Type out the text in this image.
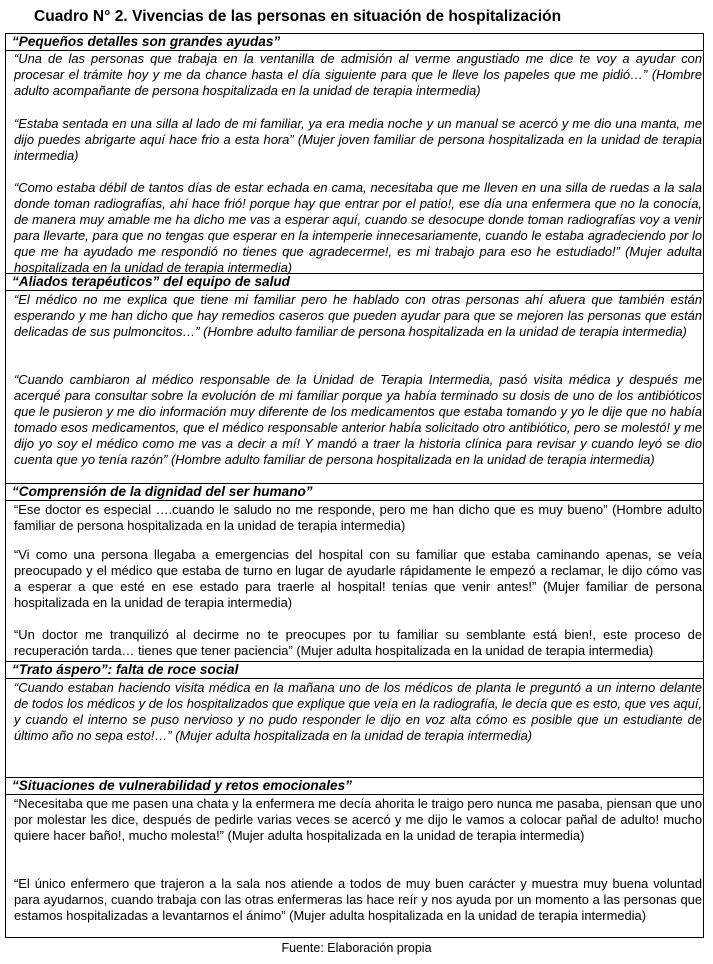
Cuadro N° 2. Vivencias de las personas en situación de hospitalización
“Pequeños detalles son grandes ayudas”
“Una de las personas que trabaja en la ventanilla de admisión al verme angustiado me dice te voy a ayudar con procesar el trámite hoy y me da chance hasta el día siguiente para que le lleve los papeles que me pidió…” (Hombre adulto acompañante de persona hospitalizada en la unidad de terapia intermedia)
“Estaba sentada en una silla al lado de mi familiar, ya era media noche y un manual se acercó y me dio una manta, me dijo puedes abrigarte aquí hace frio a esta hora” (Mujer joven familiar de persona hospitalizada en la unidad de terapia intermedia)
“Como estaba débil de tantos días de estar echada en cama, necesitaba que me lleven en una silla de ruedas a la sala donde toman radiografías, ahí hace frió! porque hay que entrar por el patio!, ese día una enfermera que no la conocía, de manera muy amable me ha dicho me vas a esperar aquí, cuando se desocupe donde toman radiografías voy a venir para llevarte, para que no tengas que esperar en la intemperie innecesariamente, cuando le estaba agradeciendo por lo que me ha ayudado me respondió no tienes que agradecerme!, es mi trabajo para eso he estudiado!” (Mujer adulta hospitalizada en la unidad de terapia intermedia)
“Aliados terapéuticos” del equipo de salud
“El médico no me explica que tiene mi familiar pero he hablado con otras personas ahí afuera que también están esperando y me han dicho que hay remedios caseros que pueden ayudar para que se mejoren las personas que están delicadas de sus pulmoncitos…” (Hombre adulto familiar de persona hospitalizada en la unidad de terapia intermedia)
“Cuando cambiaron al médico responsable de la Unidad de Terapia Intermedia, pasó visita médica y después me acerqué para consultar sobre la evolución de mi familiar porque ya había terminado su dosis de uno de los antibióticos que le pusieron y me dio información muy diferente de los medicamentos que estaba tomando y yo le dije que no había tomado esos medicamentos, que el médico responsable anterior había solicitado otro antibiótico, pero se molestó! y me dijo yo soy el médico como me vas a decir a mí! Y mandó a traer la historia clínica para revisar y cuando leyó se dio cuenta que yo tenía razón” (Hombre adulto familiar de persona hospitalizada en la unidad de terapia intermedia)
“Comprensión de la dignidad del ser humano”
“Ese doctor es especial ….cuando le saludo no me responde, pero me han dicho que es muy bueno” (Hombre adulto familiar de persona hospitalizada en la unidad de terapia intermedia)
“Vi como una persona llegaba a emergencias del hospital con su familiar que estaba caminando apenas, se veía preocupado y el médico que estaba de turno en lugar de ayudarle rápidamente le empezó a reclamar, le dijo cómo vas a esperar a que esté en ese estado para traerle al hospital! tenías que venir antes!” (Mujer familiar de persona hospitalizada en la unidad de terapia intermedia)
“Un doctor me tranquilizó al decirme no te preocupes por tu familiar su semblante está bien!, este proceso de recuperación tarda… tienes que tener paciencia” (Mujer adulta hospitalizada en la unidad de terapia intermedia)
“Trato áspero”: falta de roce social
“Cuando estaban haciendo visita médica en la mañana uno de los médicos de planta le preguntó a un interno delante de todos los médicos y de los hospitalizados que explique que veía en la radiografía, le decía que es esto, que ves aquí, y cuando el interno se puso nervioso y no pudo responder le dijo en voz alta cómo es posible que un estudiante de último año no sepa esto!…” (Mujer adulta hospitalizada en la unidad de terapia intermedia)
“Situaciones de vulnerabilidad y retos emocionales”
“Necesitaba que me pasen una chata y la enfermera me decía ahorita le traigo pero nunca me pasaba, piensan que uno por molestar les dice, después de pedirle varias veces se acercó y me dijo le vamos a colocar pañal de adulto! mucho quiere hacer baño!, mucho molesta!” (Mujer adulta hospitalizada en la unidad de terapia intermedia)
“El único enfermero que trajeron a la sala nos atiende a todos de muy buen carácter y muestra muy buena voluntad para ayudarnos, cuando trabaja con las otras enfermeras las hace reír y nos ayuda por un momento a las personas que estamos hospitalizadas a levantarnos el ánimo” (Mujer adulta hospitalizada en la unidad de terapia intermedia)
Fuente: Elaboración propia
